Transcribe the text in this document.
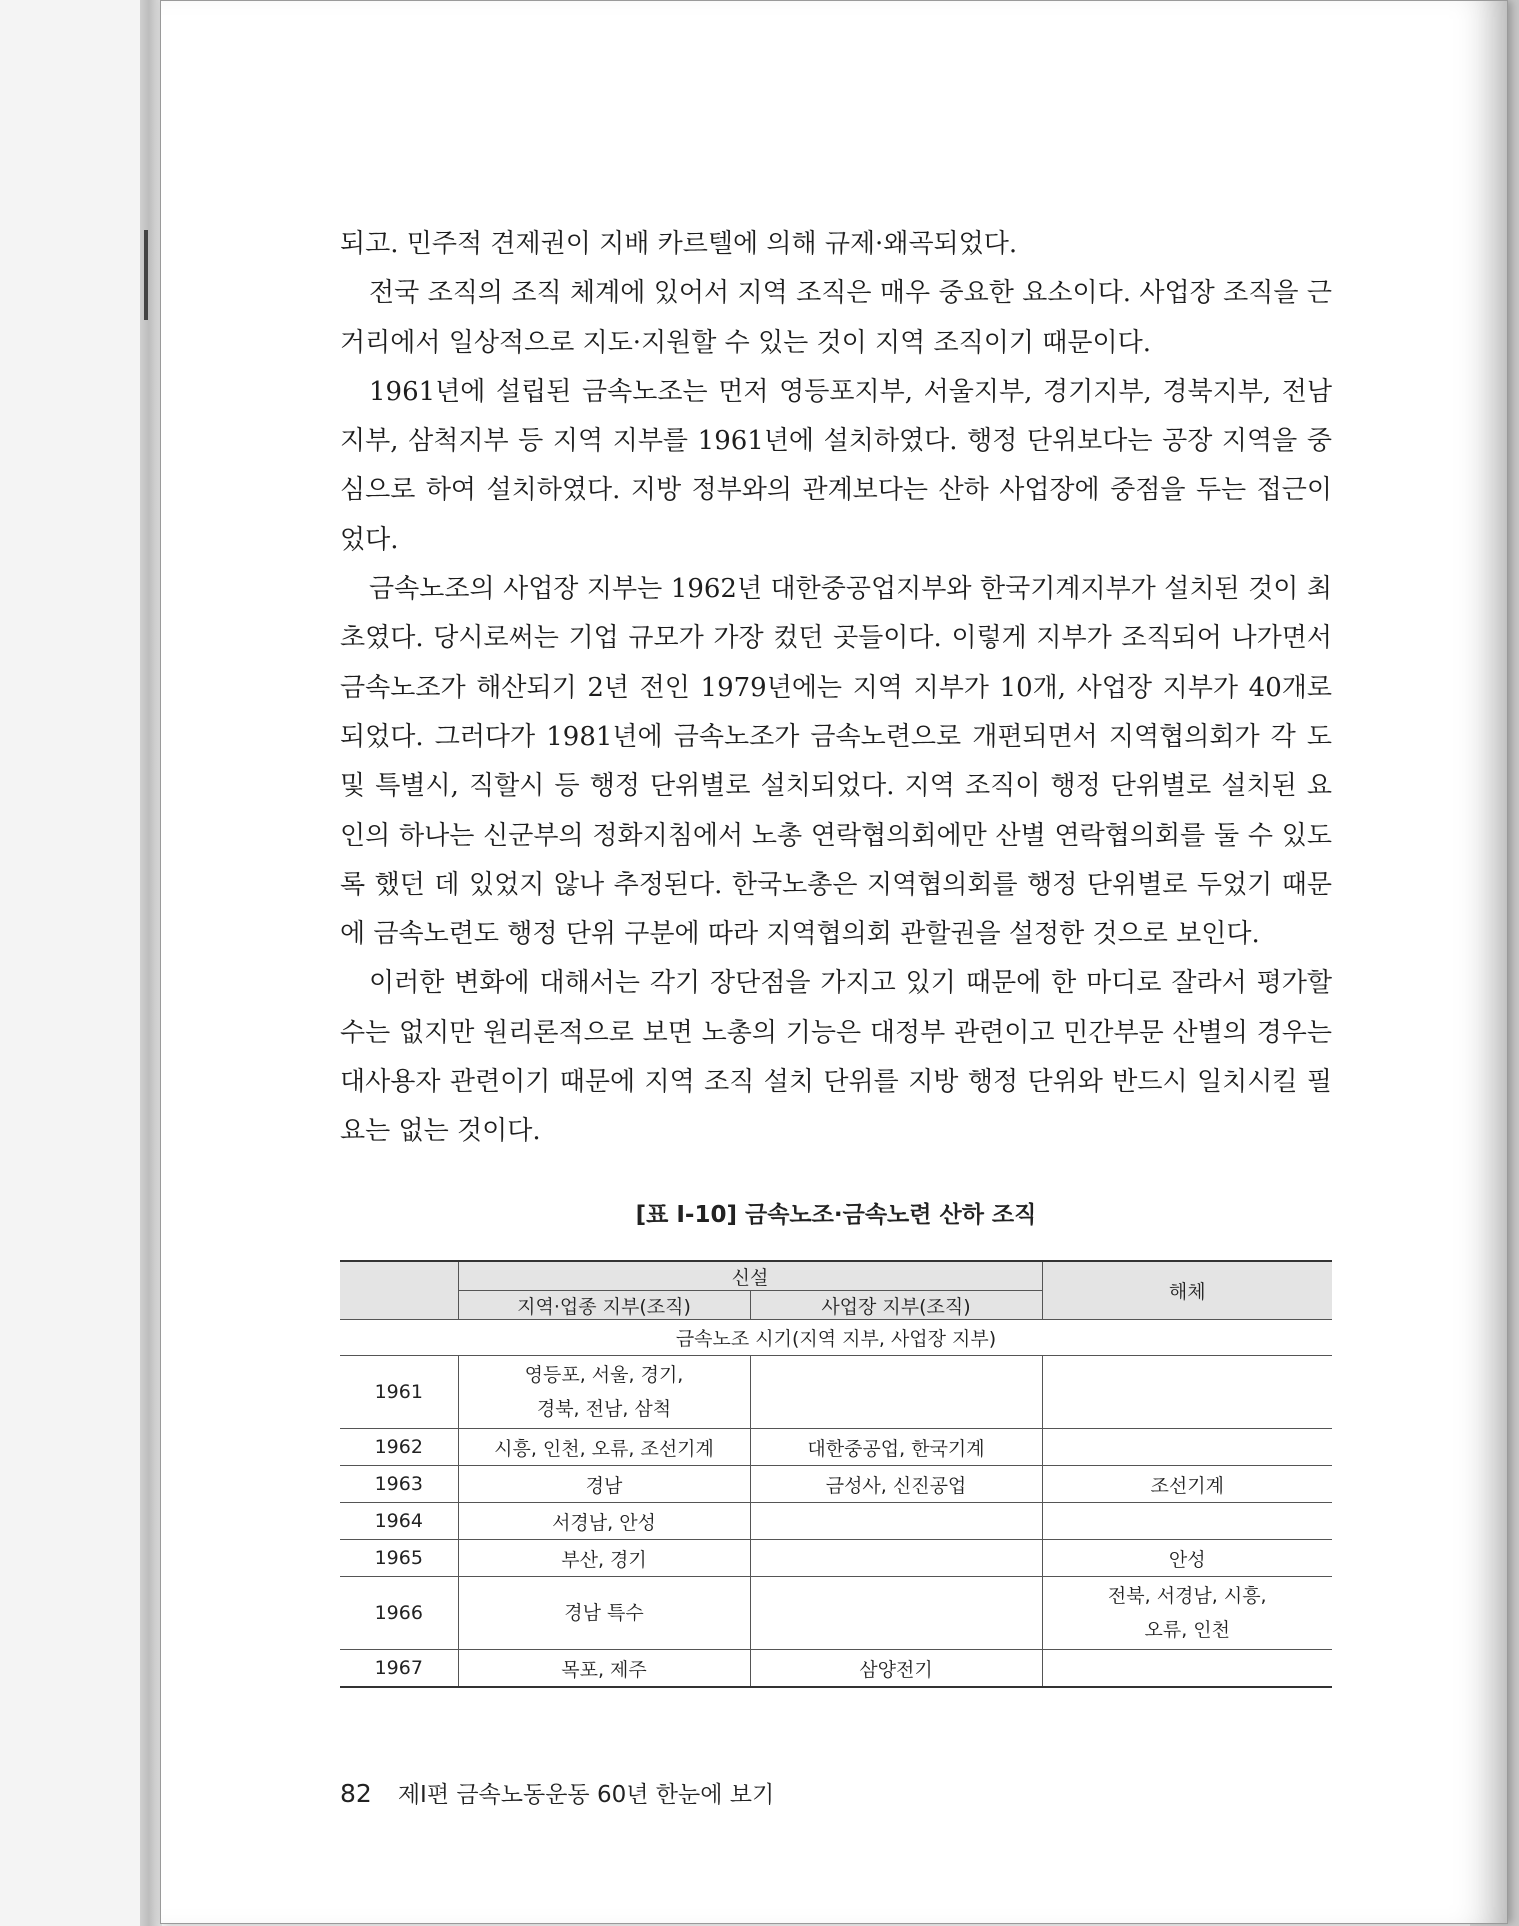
되고. 민주적 견제권이 지배 카르텔에 의해 규제·왜곡되었다.

전국 조직의 조직 체계에 있어서 지역 조직은 매우 중요한 요소이다. 사업장 조직을 근거리에서 일상적으로 지도·지원할 수 있는 것이 지역 조직이기 때문이다.

1961년에 설립된 금속노조는 먼저 영등포지부, 서울지부, 경기지부, 경북지부, 전남지부, 삼척지부 등 지역 지부를 1961년에 설치하였다. 행정 단위보다는 공장 지역을 중심으로 하여 설치하였다. 지방 정부와의 관계보다는 산하 사업장에 중점을 두는 접근이었다.

금속노조의 사업장 지부는 1962년 대한중공업지부와 한국기계지부가 설치된 것이 최초였다. 당시로써는 기업 규모가 가장 컸던 곳들이다. 이렇게 지부가 조직되어 나가면서 금속노조가 해산되기 2년 전인 1979년에는 지역 지부가 10개, 사업장 지부가 40개로 되었다. 그러다가 1981년에 금속노조가 금속노련으로 개편되면서 지역협의회가 각 도 및 특별시, 직할시 등 행정 단위별로 설치되었다. 지역 조직이 행정 단위별로 설치된 요인의 하나는 신군부의 정화지침에서 노총 연락협의회에만 산별 연락협의회를 둘 수 있도록 했던 데 있었지 않나 추정된다. 한국노총은 지역협의회를 행정 단위별로 두었기 때문에 금속노련도 행정 단위 구분에 따라 지역협의회 관할권을 설정한 것으로 보인다.

이러한 변화에 대해서는 각기 장단점을 가지고 있기 때문에 한 마디로 잘라서 평가할 수는 없지만 원리론적으로 보면 노총의 기능은 대정부 관련이고 민간부문 산별의 경우는 대사용자 관련이기 때문에 지역 조직 설치 단위를 지방 행정 단위와 반드시 일치시킬 필요는 없는 것이다.

[표 Ⅰ-10] 금속노조·금속노련 산하 조직
	신설		해체
	지역·업종 지부(조직)	사업장 지부(조직)	
금속노조 시기(지역 지부, 사업장 지부)			
1961	영등포, 서울, 경기,
경북, 전남, 삼척		
1962	시흥, 인천, 오류, 조선기계	대한중공업, 한국기계	
1963	경남	금성사, 신진공업	조선기계
1964	서경남, 안성		
1965	부산, 경기		안성
1966	경남 특수		전북, 서경남, 시흥,
오류, 인천
1967	목포, 제주	삼양전기	
82 제Ⅰ편 금속노동운동 60년 한눈에 보기
